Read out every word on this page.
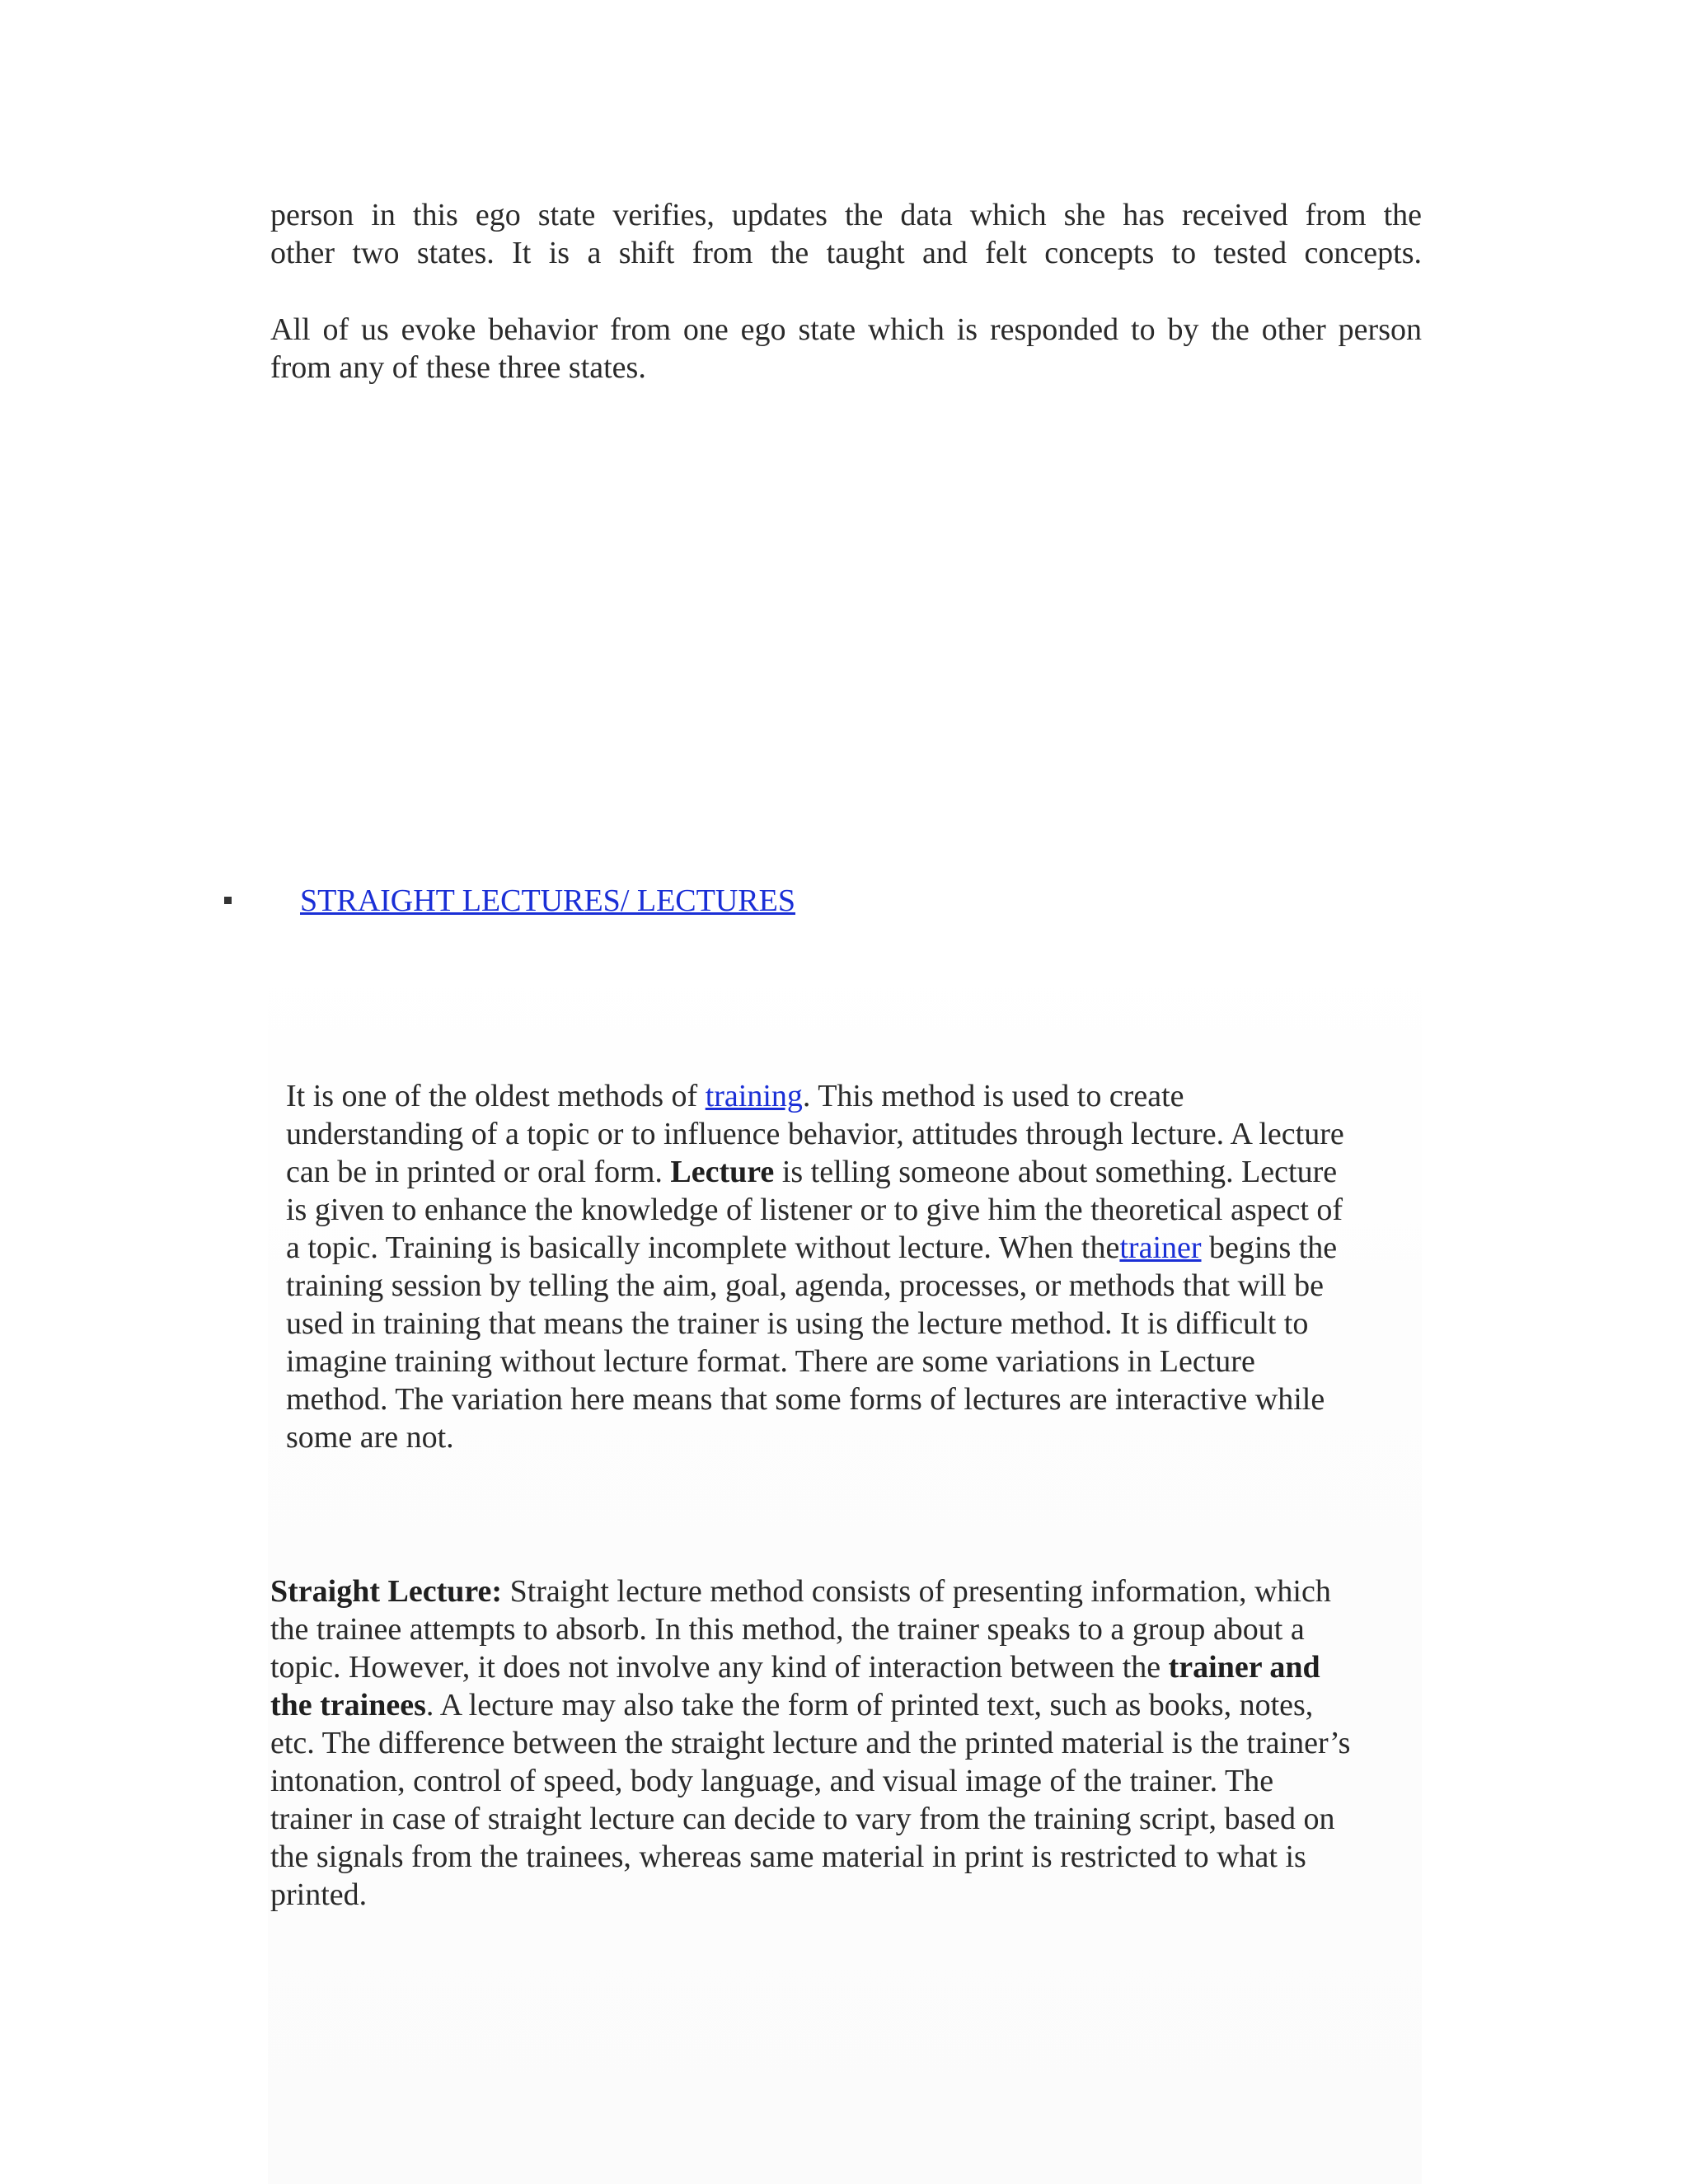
person in this ego state verifies, updates the data which she has received from the
other two states. It is a shift from the taught and felt concepts to tested concepts.

All of us evoke behavior from one ego state which is responded to by the other person
from any of these three states.

STRAIGHT LECTURES/ LECTURES

It is one of the oldest methods of training. This method is used to create
understanding of a topic or to influence behavior, attitudes through lecture. A lecture
can be in printed or oral form. Lecture is telling someone about something. Lecture
is given to enhance the knowledge of listener or to give him the theoretical aspect of
a topic. Training is basically incomplete without lecture. When thetrainer begins the
training session by telling the aim, goal, agenda, processes, or methods that will be
used in training that means the trainer is using the lecture method. It is difficult to
imagine training without lecture format. There are some variations in Lecture
method. The variation here means that some forms of lectures are interactive while
some are not.

Straight Lecture: Straight lecture method consists of presenting information, which
the trainee attempts to absorb. In this method, the trainer speaks to a group about a
topic. However, it does not involve any kind of interaction between the trainer and
the trainees. A lecture may also take the form of printed text, such as books, notes,
etc. The difference between the straight lecture and the printed material is the trainer’s
intonation, control of speed, body language, and visual image of the trainer. The
trainer in case of straight lecture can decide to vary from the training script, based on
the signals from the trainees, whereas same material in print is restricted to what is
printed.
